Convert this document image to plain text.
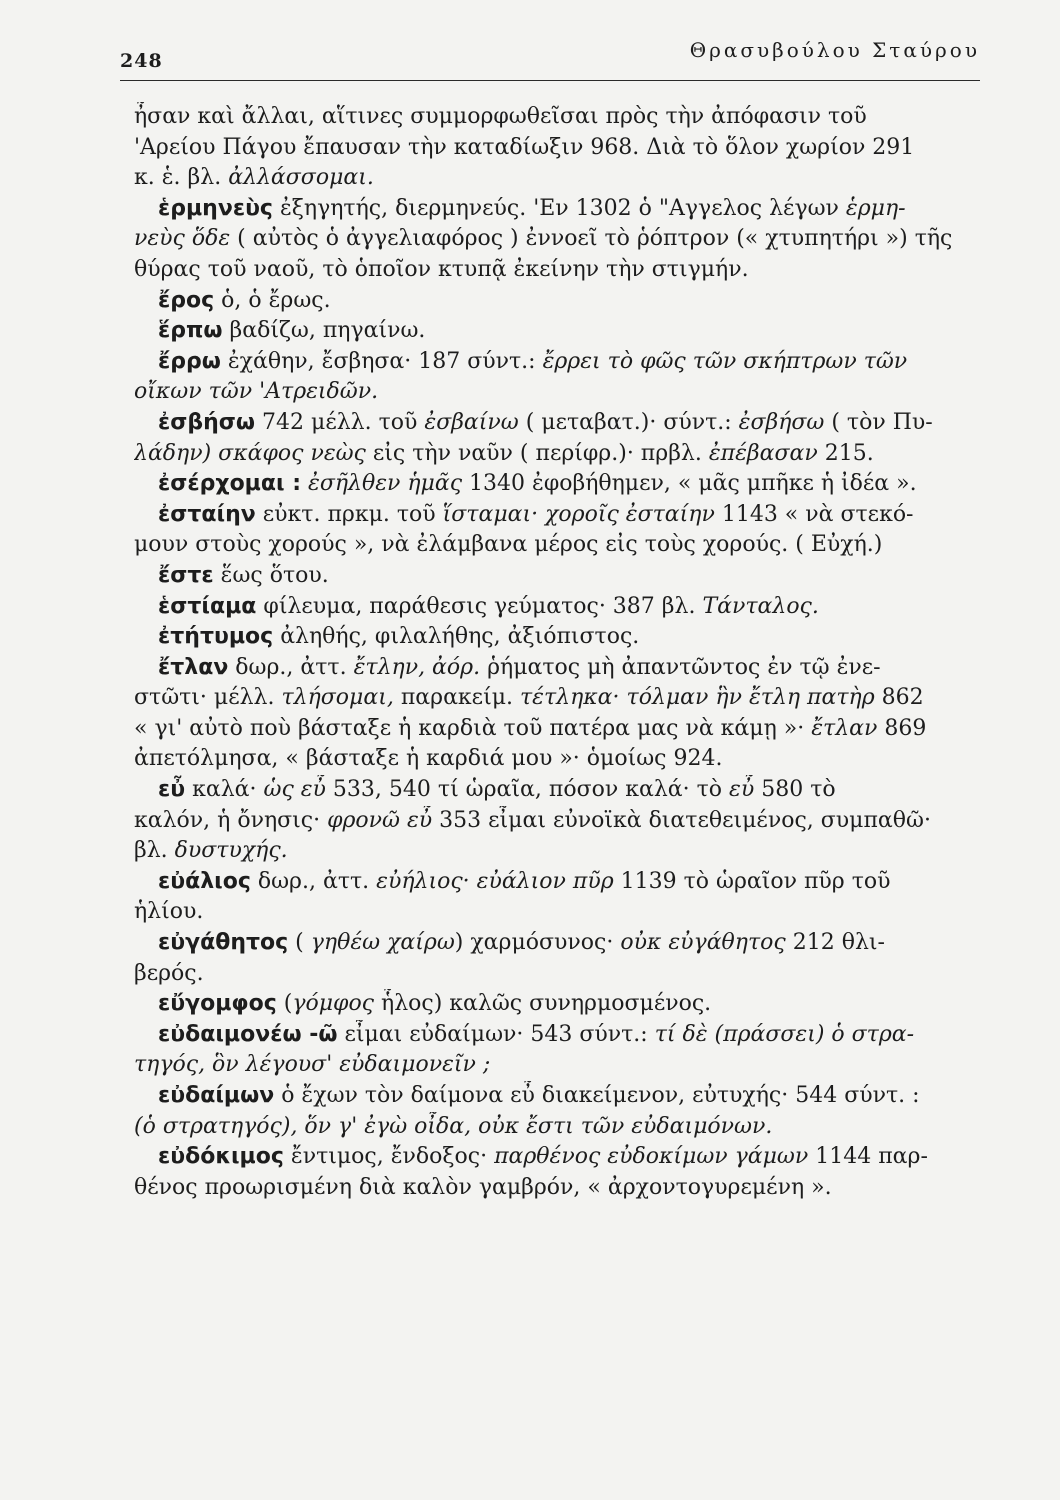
248	Θρασυβούλου Σταύρου
ἦσαν καὶ ἄλλαι, αἵτινες συμμορφωθεῖσαι πρὸς τὴν ἀπόφασιν τοῦ
'Αρείου Πάγου ἔπαυσαν τὴν καταδίωξιν 968. Διὰ τὸ ὅλον χωρίον 291
κ. ἑ. βλ. ἀλλάσσομαι.
ἑρμηνεὺς ἐξηγητής, διερμηνεύς. 'Εν 1302 ὁ "Αγγελος λέγων ἑρμη-
νεὺς ὅδε ( αὐτὸς ὁ ἀγγελιαφόρος ) ἐννοεῖ τὸ ῥόπτρον (« χτυπητήρι ») τῆς
θύρας τοῦ ναοῦ, τὸ ὁποῖον κτυπᾷ ἐκείνην τὴν στιγμήν.
ἔρος ὁ, ὁ ἔρως.
ἕρπω βαδίζω, πηγαίνω.
ἔρρω ἐχάθην, ἔσβησα· 187 σύντ.: ἔρρει τὸ φῶς τῶν σκήπτρων τῶν
οἴκων τῶν 'Ατρειδῶν.
ἐσβήσω 742 μέλλ. τοῦ ἐσβαίνω ( μεταβατ.)· σύντ.: ἐσβήσω ( τὸν Πυ-
λάδην) σκάφος νεὼς εἰς τὴν ναῦν ( περίφρ.)· πρβλ. ἐπέβασαν 215.
ἐσέρχομαι : ἐσῆλθεν ἡμᾶς 1340 ἐφοβήθημεν, « μᾶς μπῆκε ἡ ἰδέα ».
ἐσταίην εὐκτ. πρκμ. τοῦ ἵσταμαι· χοροῖς ἐσταίην 1143 « νὰ στεκό-
μουν στοὺς χορούς », νὰ ἐλάμβανα μέρος εἰς τοὺς χορούς. ( Εὐχή.)
ἔστε ἕως ὅτου.
ἑστίαμα φίλευμα, παράθεσις γεύματος· 387 βλ. Τάνταλος.
ἐτήτυμος ἀληθής, φιλαλήθης, ἀξιόπιστος.
ἔτλαν δωρ., ἀττ. ἔτλην, ἀόρ. ῥήματος μὴ ἀπαντῶντος ἐν τῷ ἐνε-
στῶτι· μέλλ. τλήσομαι, παρακείμ. τέτληκα· τόλμαν ἣν ἔτλη πατὴρ 862
« γι' αὐτὸ ποὺ βάσταξε ἡ καρδιὰ τοῦ πατέρα μας νὰ κάμῃ »· ἔτλαν 869
ἀπετόλμησα, « βάσταξε ἡ καρδιά μου »· ὁμοίως 924.
εὖ καλά· ὡς εὖ 533, 540 τί ὡραῖα, πόσον καλά· τὸ εὖ 580 τὸ
καλόν, ἡ ὄνησις· φρονῶ εὖ 353 εἶμαι εὐνοϊκὰ διατεθειμένος, συμπαθῶ·
βλ. δυστυχής.
εὐάλιος δωρ., ἀττ. εὐήλιος· εὐάλιον πῦρ 1139 τὸ ὡραῖον πῦρ τοῦ
ἡλίου.
εὐγάθητος ( γηθέω χαίρω) χαρμόσυνος· οὐκ εὐγάθητος 212 θλι-
βερός.
εὔγομφος (γόμφος ἧλος) καλῶς συνηρμοσμένος.
εὐδαιμονέω -ῶ εἶμαι εὐδαίμων· 543 σύντ.: τί δὲ (πράσσει) ὁ στρα-
τηγός, ὃν λέγουσ' εὐδαιμονεῖν ;
εὐδαίμων ὁ ἔχων τὸν δαίμονα εὖ διακείμενον, εὐτυχής· 544 σύντ. :
(ὁ στρατηγός), ὅν γ' ἐγὼ οἶδα, οὐκ ἔστι τῶν εὐδαιμόνων.
εὐδόκιμος ἔντιμος, ἔνδοξος· παρθένος εὐδοκίμων γάμων 1144 παρ-
θένος προωρισμένη διὰ καλὸν γαμβρόν, « ἀρχοντογυρεμένη ».
